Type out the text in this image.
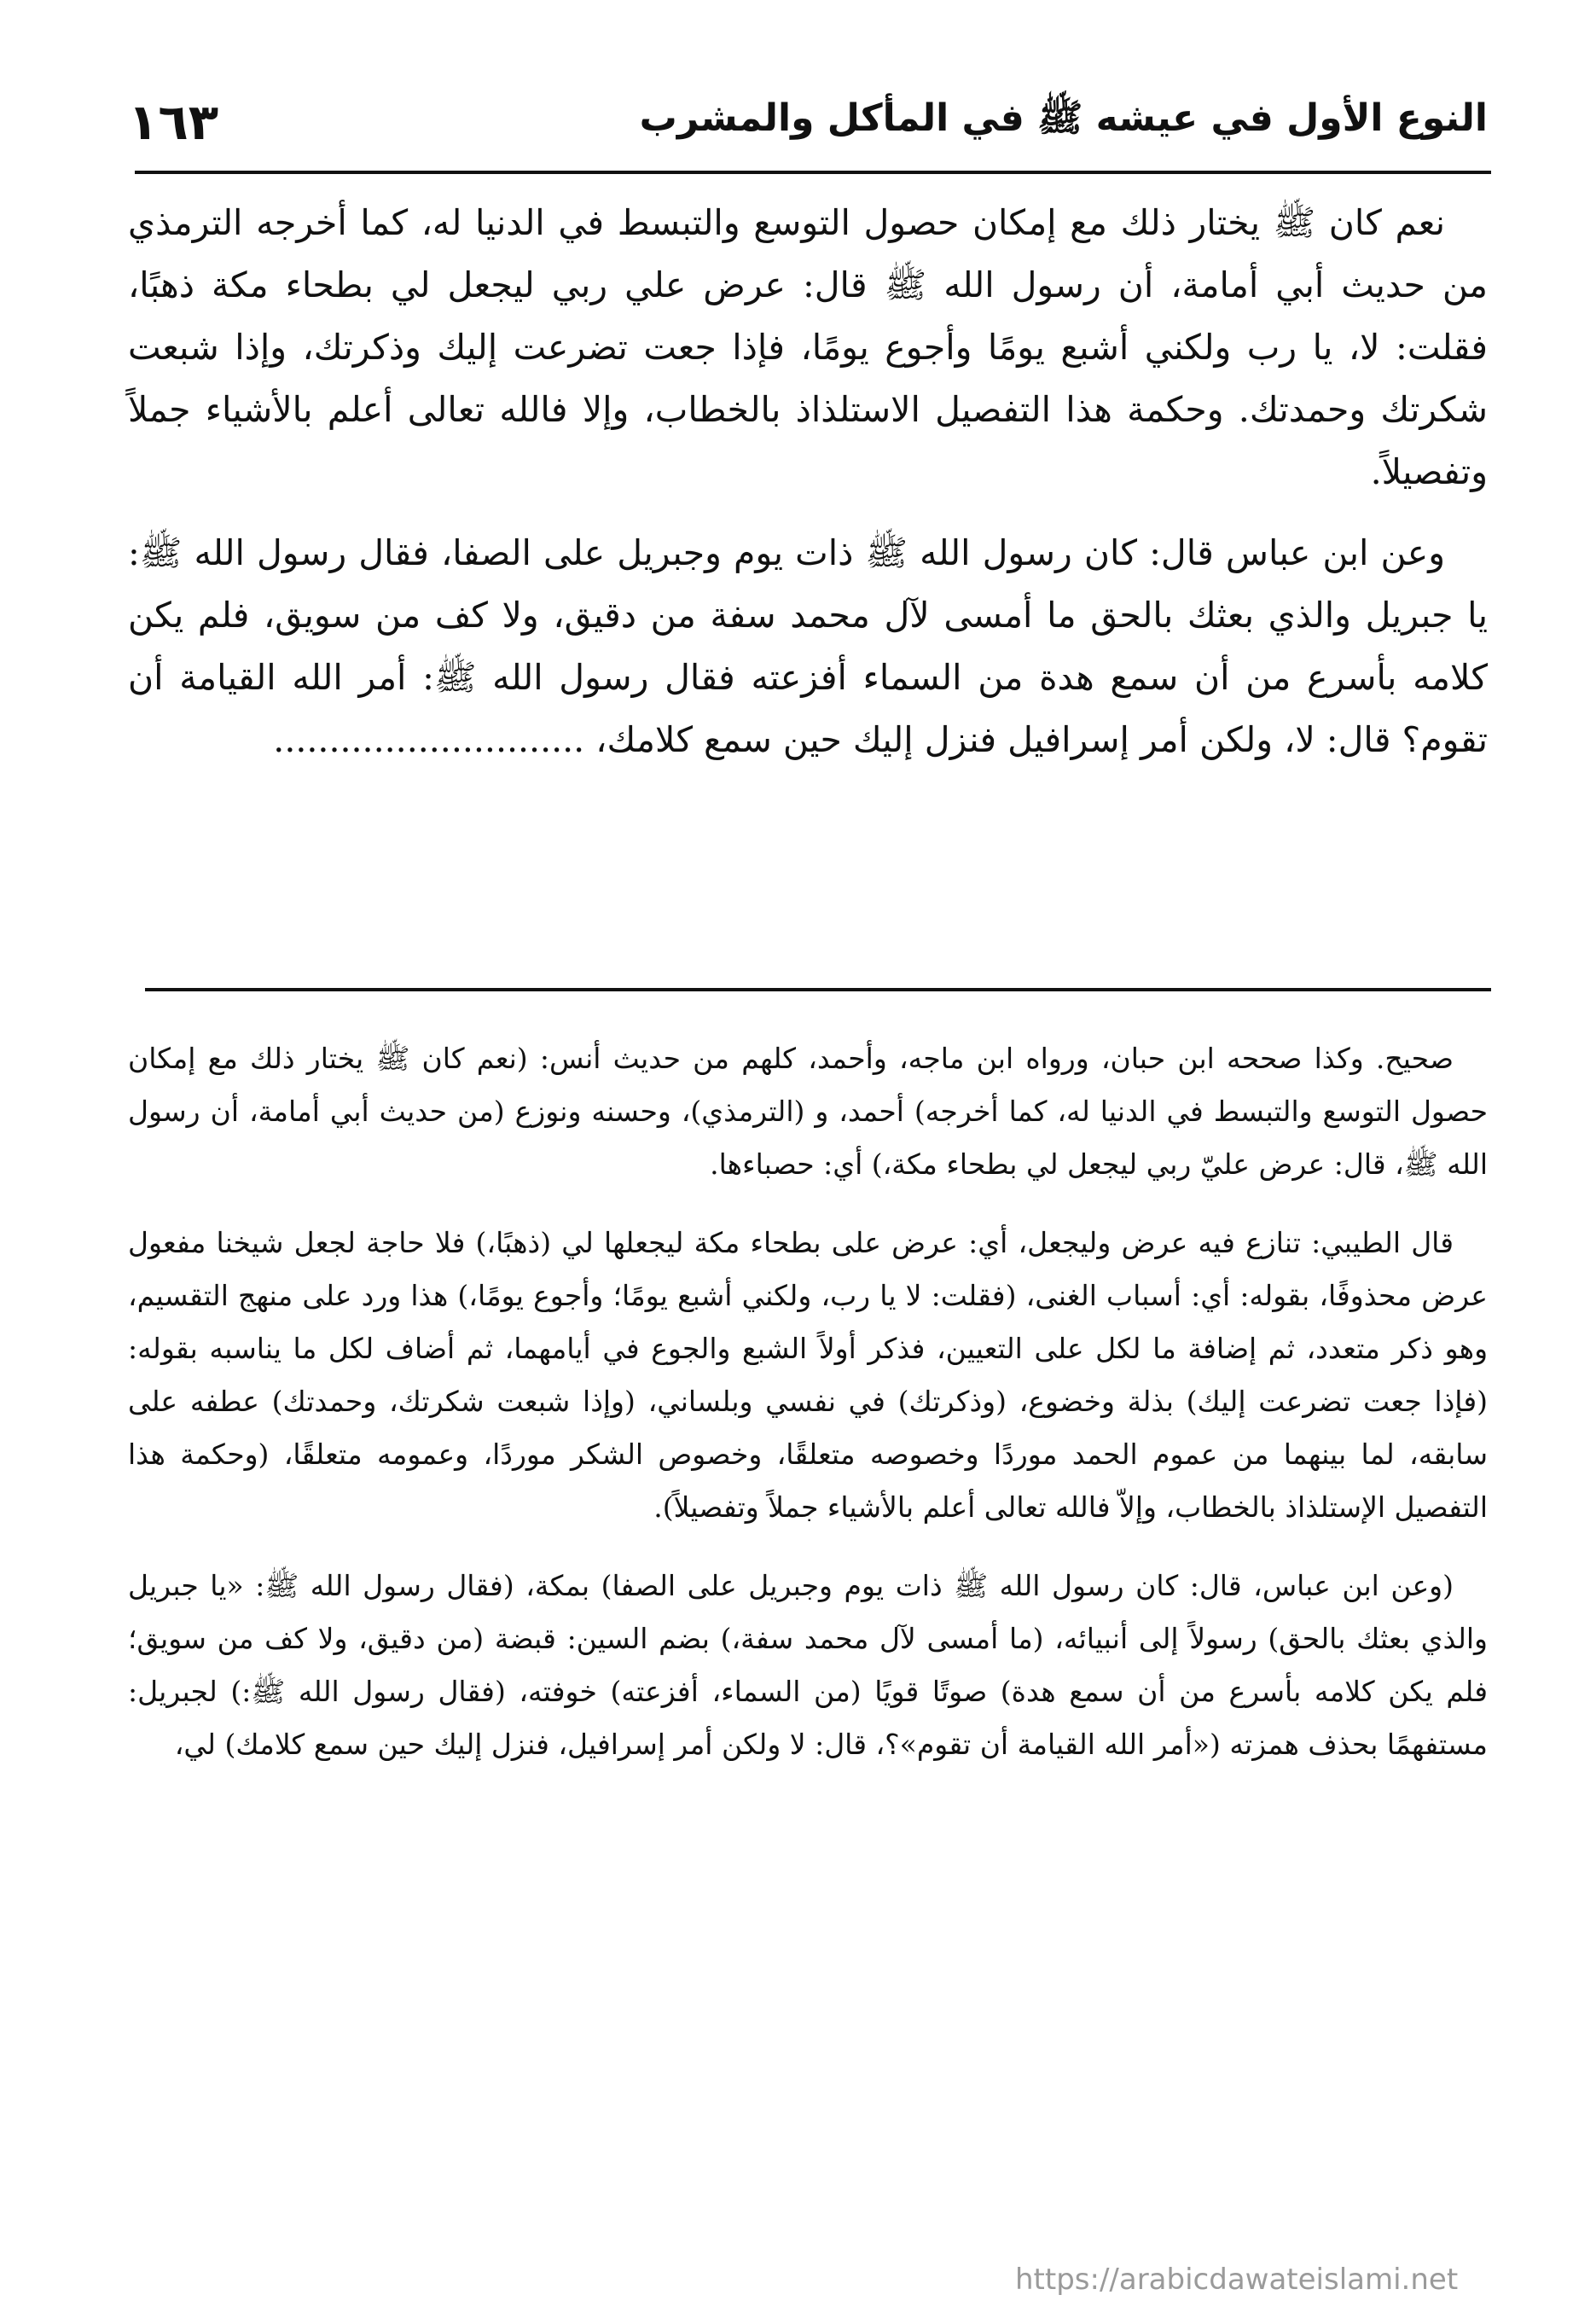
النوع الأول في عيشه ﷺ في المأكل والمشرب
١٦٣

نعم كان ﷺ يختار ذلك مع إمكان حصول التوسع والتبسط في الدنيا له، كما أخرجه الترمذي من حديث أبي أمامة، أن رسول الله ﷺ قال: عرض علي ربي ليجعل لي بطحاء مكة ذهبًا، فقلت: لا، يا رب ولكني أشبع يومًا وأجوع يومًا، فإذا جعت تضرعت إليك وذكرتك، وإذا شبعت شكرتك وحمدتك. وحكمة هذا التفصيل الاستلذاذ بالخطاب، وإلا فالله تعالى أعلم بالأشياء جملاً وتفصيلاً.

وعن ابن عباس قال: كان رسول الله ﷺ ذات يوم وجبريل على الصفا، فقال رسول الله ﷺ: يا جبريل والذي بعثك بالحق ما أمسى لآل محمد سفة من دقيق، ولا كف من سويق، فلم يكن كلامه بأسرع من أن سمع هدة من السماء أفزعته فقال رسول الله ﷺ: أمر الله القيامة أن تقوم؟ قال: لا، ولكن أمر إسرافيل فنزل إليك حين سمع كلامك، ............................

صحيح. وكذا صححه ابن حبان، ورواه ابن ماجه، وأحمد، كلهم من حديث أنس: (نعم كان ﷺ يختار ذلك مع إمكان حصول التوسع والتبسط في الدنيا له، كما أخرجه) أحمد، و (الترمذي)، وحسنه ونوزع (من حديث أبي أمامة، أن رسول الله ﷺ، قال: عرض عليّ ربي ليجعل لي بطحاء مكة،) أي: حصباءها.

قال الطيبي: تنازع فيه عرض وليجعل، أي: عرض على بطحاء مكة ليجعلها لي (ذهبًا،) فلا حاجة لجعل شيخنا مفعول عرض محذوفًا، بقوله: أي: أسباب الغنى، (فقلت: لا يا رب، ولكني أشبع يومًا؛ وأجوع يومًا،) هذا ورد على منهج التقسيم، وهو ذكر متعدد، ثم إضافة ما لكل على التعيين، فذكر أولاً الشبع والجوع في أيامهما، ثم أضاف لكل ما يناسبه بقوله: (فإذا جعت تضرعت إليك) بذلة وخضوع، (وذكرتك) في نفسي وبلساني، (وإذا شبعت شكرتك، وحمدتك) عطفه على سابقه، لما بينهما من عموم الحمد موردًا وخصوصه متعلقًا، وخصوص الشكر موردًا، وعمومه متعلقًا، (وحكمة هذا التفصيل الإستلذاذ بالخطاب، وإلاّ فالله تعالى أعلم بالأشياء جملاً وتفصيلاً).

(وعن ابن عباس، قال: كان رسول الله ﷺ ذات يوم وجبريل على الصفا) بمكة، (فقال رسول الله ﷺ: «يا جبريل والذي بعثك بالحق) رسولاً إلى أنبيائه، (ما أمسى لآل محمد سفة،) بضم السين: قبضة (من دقيق، ولا كف من سويق؛ فلم يكن كلامه بأسرع من أن سمع هدة) صوتًا قويًا (من السماء، أفزعته) خوفته، (فقال رسول الله ﷺ:) لجبريل: مستفهمًا بحذف همزته («أمر الله القيامة أن تقوم»؟، قال: لا ولكن أمر إسرافيل، فنزل إليك حين سمع كلامك) لي،

https://arabicdawateislami.net
